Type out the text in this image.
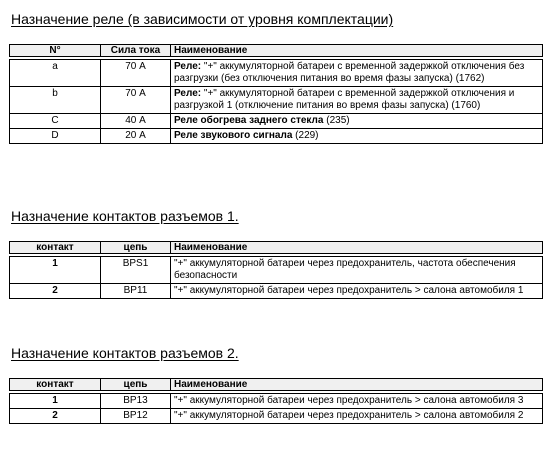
Назначение реле (в зависимости от уровня комплектации)
N°	Сила тока	Наименование

a	70 А	Реле: "+" аккумуляторной батареи с временной задержкой отключения без разгрузки (без отключения питания во время фазы запуска) (1762)
b	70 А	Реле: "+" аккумуляторной батареи с временной задержкой отключения и разгрузкой 1 (отключение питания во время фазы запуска) (1760)
C	40 А	Реле обогрева заднего стекла (235)
D	20 А	Реле звукового сигнала (229)
Назначение контактов разъемов 1.
контакт	цепь	Наименование

1	BPS1	"+" аккумуляторной батареи через предохранитель, частота обеспечения безопасности
2	BP11	"+" аккумуляторной батареи через предохранитель > салона автомобиля 1
Назначение контактов разъемов 2.
контакт	цепь	Наименование

1	BP13	"+" аккумуляторной батареи через предохранитель > салона автомобиля 3
2	BP12	"+" аккумуляторной батареи через предохранитель > салона автомобиля 2
